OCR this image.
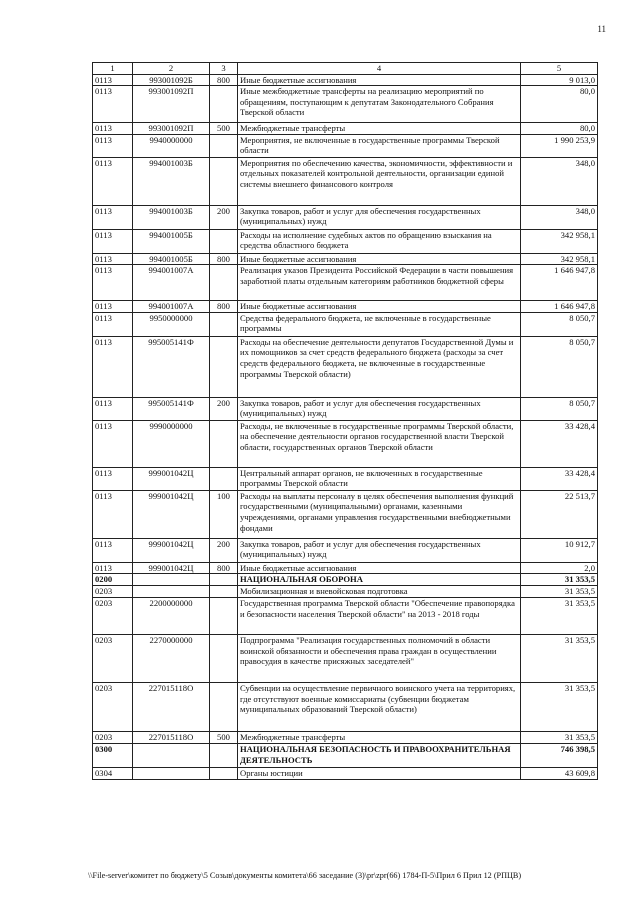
11
1	2	3	4	5
0113	993001092Б	800	Иные бюджетные ассигнования	9 013,0
0113	993001092П		Иные межбюджетные трансферты на реализацию мероприятий по обращениям, поступающим к депутатам Законодательного Собрания Тверской области	80,0
0113	993001092П	500	Межбюджетные трансферты	80,0
0113	9940000000		Мероприятия, не включенные в государственные программы Тверской области	1 990 253,9
0113	994001003Б		Мероприятия по обеспечению качества, экономичности, эффективности и отдельных показателей контрольной деятельности, организации единой системы внешнего финансового контроля	348,0
0113	994001003Б	200	Закупка товаров, работ и услуг для обеспечения государственных (муниципальных) нужд	348,0
0113	994001005Б		Расходы на исполнение судебных актов по обращению взыскания на средства областного бюджета	342 958,1
0113	994001005Б	800	Иные бюджетные ассигнования	342 958,1
0113	994001007А		Реализация указов Президента Российской Федерации в части повышения заработной платы отдельным категориям работников бюджетной сферы	1 646 947,8
0113	994001007А	800	Иные бюджетные ассигнования	1 646 947,8
0113	9950000000		Средства федерального бюджета, не включенные в государственные программы	8 050,7
0113	995005141Ф		Расходы на обеспечение деятельности депутатов Государственной Думы и их помощников за счет средств федерального бюджета (расходы за счет средств федерального бюджета, не включенные в государственные программы Тверской области)	8 050,7
0113	995005141Ф	200	Закупка товаров, работ и услуг для обеспечения государственных (муниципальных) нужд	8 050,7
0113	9990000000		Расходы, не включенные в государственные программы Тверской области, на обеспечение деятельности органов государственной власти Тверской области, государственных органов Тверской области	33 428,4
0113	999001042Ц		Центральный аппарат органов, не включенных в государственные программы Тверской области	33 428,4
0113	999001042Ц	100	Расходы на выплаты персоналу в целях обеспечения выполнения функций государственными (муниципальными) органами, казенными учреждениями, органами управления государственными внебюджетными фондами	22 513,7
0113	999001042Ц	200	Закупка товаров, работ и услуг для обеспечения государственных (муниципальных) нужд	10 912,7
0113	999001042Ц	800	Иные бюджетные ассигнования	2,0
0200			НАЦИОНАЛЬНАЯ ОБОРОНА	31 353,5
0203			Мобилизационная и вневойсковая подготовка	31 353,5
0203	2200000000		Государственная программа Тверской области "Обеспечение правопорядка и безопасности населения Тверской области" на 2013 - 2018 годы	31 353,5
0203	2270000000		Подпрограмма "Реализация государственных полномочий в области воинской обязанности и обеспечения права граждан в осуществлении правосудия в качестве присяжных заседателей"	31 353,5
0203	227015118О		Субвенции на осуществление первичного воинского учета на территориях, где отсутствуют военные комиссариаты (субвенции бюджетам муниципальных образований Тверской области)	31 353,5
0203	227015118О	500	Межбюджетные трансферты	31 353,5
0300			НАЦИОНАЛЬНАЯ БЕЗОПАСНОСТЬ И ПРАВООХРАНИТЕЛЬНАЯ ДЕЯТЕЛЬНОСТЬ	746 398,5
0304			Органы юстиции	43 609,8
\\File-server\комитет по бюджету\5 Созыв\документы комитета\66 заседание (3)\pr\zpr(66) 1784-П-5\Прил 6 Прил 12 (РПЦВ)
